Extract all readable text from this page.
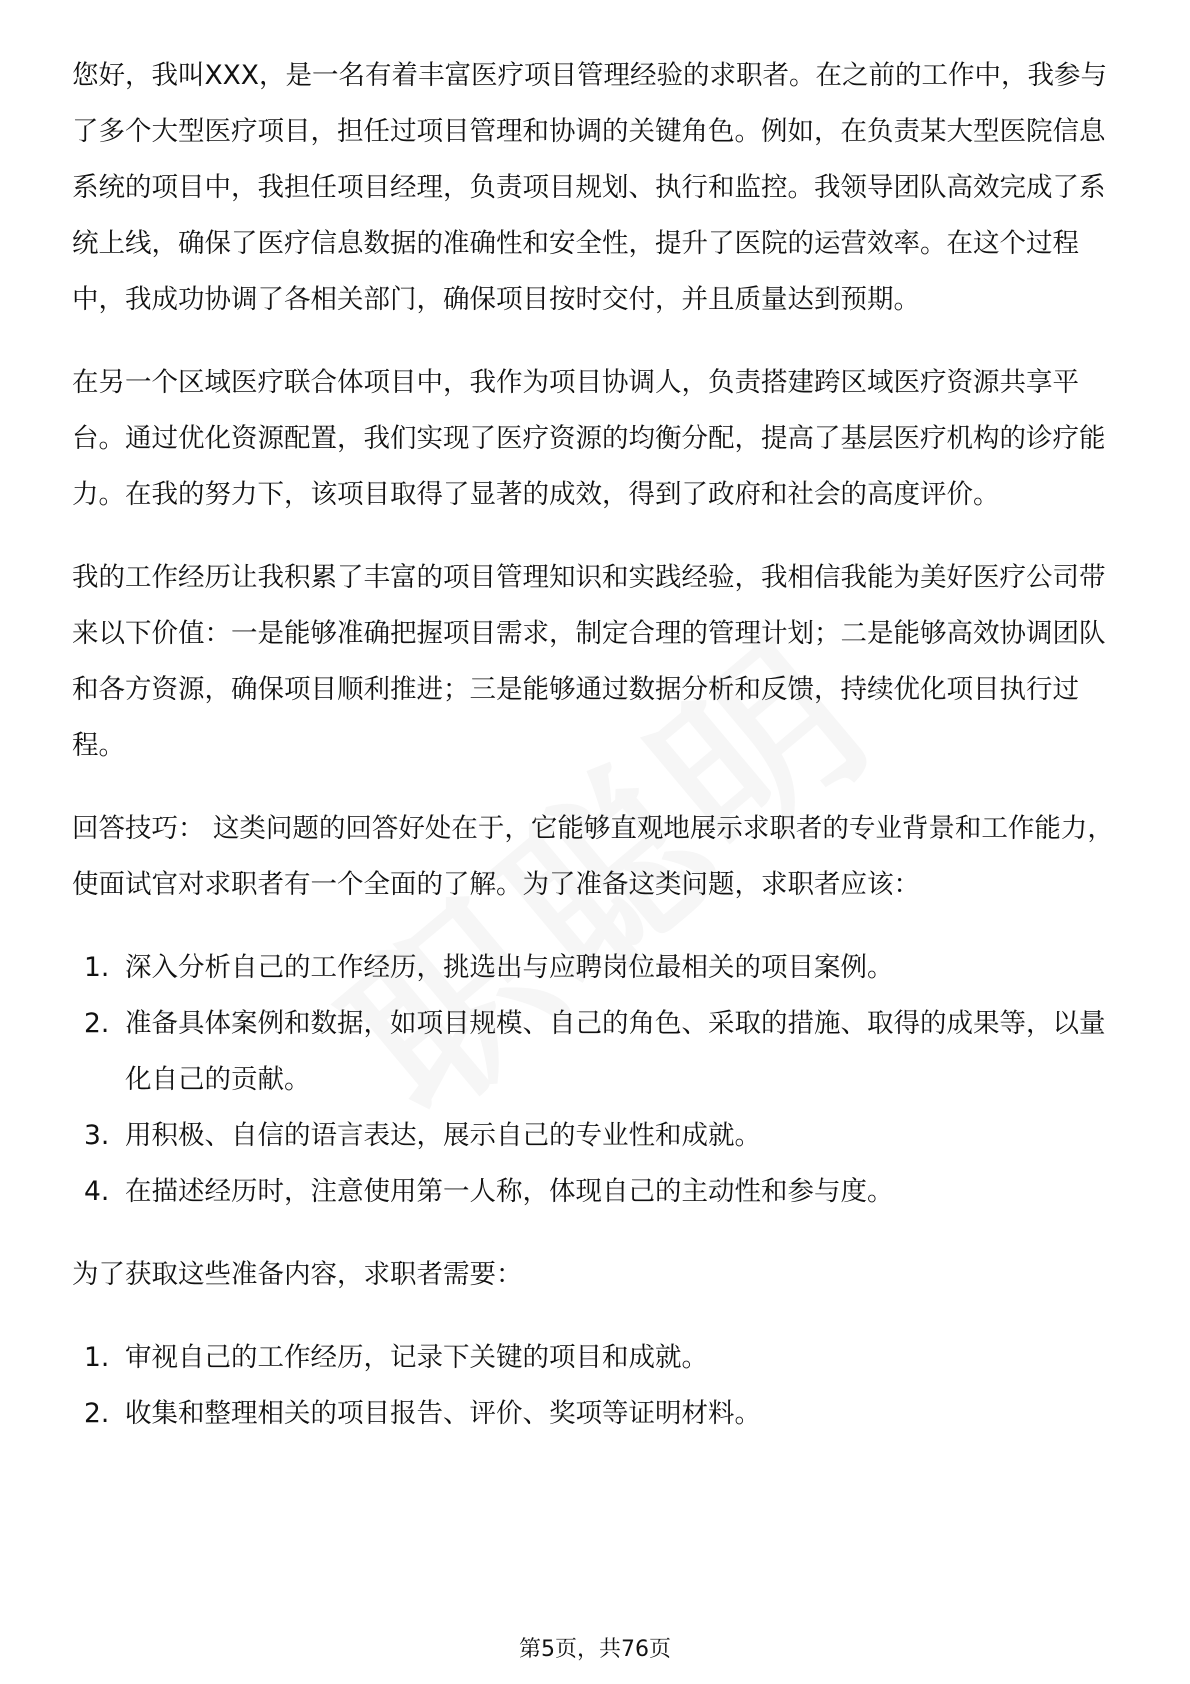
您好，我叫XXX，是一名有着丰富医疗项目管理经验的求职者。在之前的工作中，我参与了多个大型医疗项目，担任过项目管理和协调的关键角色。例如，在负责某大型医院信息系统的项目中，我担任项目经理，负责项目规划、执行和监控。我领导团队高效完成了系统上线，确保了医疗信息数据的准确性和安全性，提升了医院的运营效率。在这个过程中，我成功协调了各相关部门，确保项目按时交付，并且质量达到预期。

在另一个区域医疗联合体项目中，我作为项目协调人，负责搭建跨区域医疗资源共享平台。通过优化资源配置，我们实现了医疗资源的均衡分配，提高了基层医疗机构的诊疗能力。在我的努力下，该项目取得了显著的成效，得到了政府和社会的高度评价。

我的工作经历让我积累了丰富的项目管理知识和实践经验，我相信我能为美好医疗公司带来以下价值：一是能够准确把握项目需求，制定合理的管理计划；二是能够高效协调团队和各方资源，确保项目顺利推进；三是能够通过数据分析和反馈，持续优化项目执行过程。

回答技巧： 这类问题的回答好处在于，它能够直观地展示求职者的专业背景和工作能力，使面试官对求职者有一个全面的了解。为了准备这类问题，求职者应该：

1. 深入分析自己的工作经历，挑选出与应聘岗位最相关的项目案例。
2. 准备具体案例和数据，如项目规模、自己的角色、采取的措施、取得的成果等，以量化自己的贡献。
3. 用积极、自信的语言表达，展示自己的专业性和成就。
4. 在描述经历时，注意使用第一人称，体现自己的主动性和参与度。

为了获取这些准备内容，求职者需要：

1. 审视自己的工作经历，记录下关键的项目和成就。
2. 收集和整理相关的项目报告、评价、奖项等证明材料。
第5页，共76页
